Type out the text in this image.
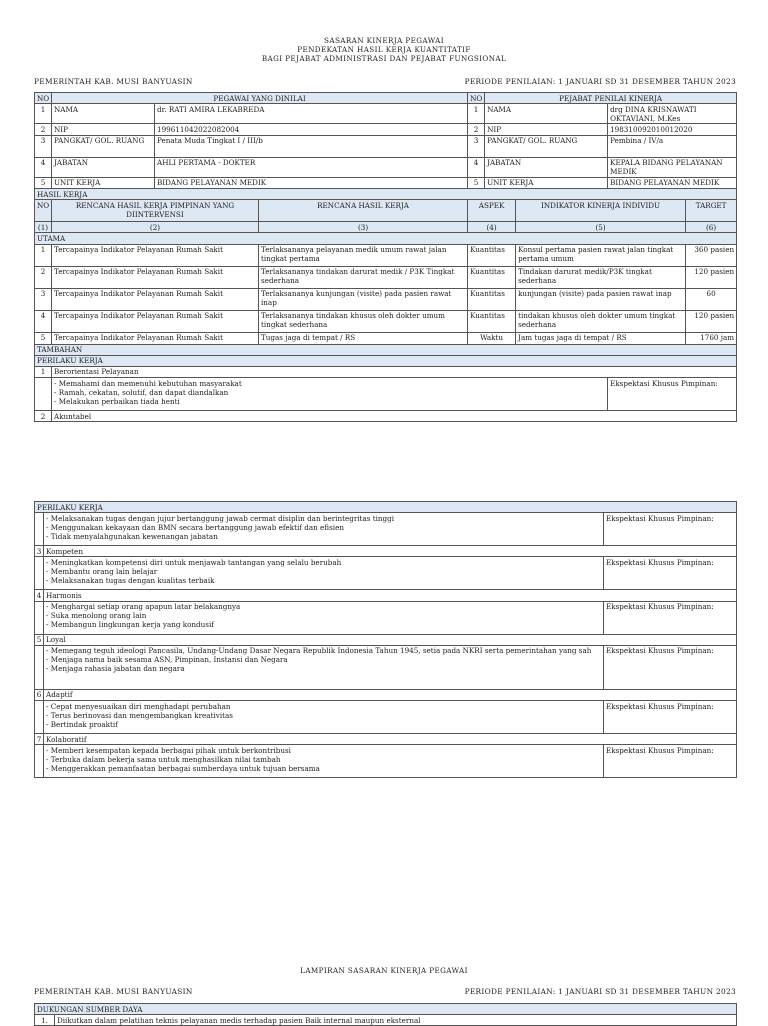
SASARAN KINERJA PEGAWAI
PENDEKATAN HASIL KERJA KUANTITATIF
BAGI PEJABAT ADMINISTRASI DAN PEJABAT FUNGSIONAL
PEMERINTAH KAB. MUSI BANYUASIN	PERIODE PENILAIAN: 1 JANUARI SD 31 DESEMBER TAHUN 2023
NO	PEGAWAI YANG DINILAI			NO	PEJABAT PENILAI KINERJA			
1	NAMA	dr. RATI AMIRA LEKABREDA		1	NAMA		drg DINA KRISNAWATI OKTAVIANI, M.Kes	
2	NIP	199611042022082004		2	NIP		198310092010012020	
3	PANGKAT/ GOL. RUANG	Penata Muda Tingkat I / III/b		3	PANGKAT/ GOL. RUANG		Pembina / IV/a	
4	JABATAN	AHLI PERTAMA - DOKTER		4	JABATAN		KEPALA BIDANG PELAYANAN MEDIK	
5	UNIT KERJA	BIDANG PELAYANAN MEDIK		5	UNIT KERJA		BIDANG PELAYANAN MEDIK	
HASIL KERJA								
NO	RENCANA HASIL KERJA PIMPINAN YANG DIINTERVENSI		RENCANA HASIL KERJA	ASPEK		INDIKATOR KINERJA INDIVIDU		TARGET
(1)	(2)		(3)	(4)		(5)		(6)
UTAMA								
1	Tercapainya Indikator Pelayanan Rumah Sakit		Terlaksananya pelayanan medik umum rawat jalan tingkat pertama	Kuantitas		Konsul pertama pasien rawat jalan tingkat pertama umum		360 pasien
2	Tercapainya Indikator Pelayanan Rumah Sakit		Terlaksananya tindakan darurat medik / P3K Tingkat sederhana	Kuantitas		Tindakan darurat medik/P3K tingkat sederhana		120 pasien
3	Tercapainya Indikator Pelayanan Rumah Sakit		Terlaksananya kunjungan (visite) pada pasien rawat inap	Kuantitas		kunjungan (visite) pada pasien rawat inap		60
4	Tercapainya Indikator Pelayanan Rumah Sakit		Terlaksananya tindakan khusus oleh dokter umum tingkat sederhana	Kuantitas		tindakan khusus oleh dokter umum tingkat sederhana		120 pasien
5	Tercapainya Indikator Pelayanan Rumah Sakit		Tugas jaga di tempat / RS	Waktu		Jam tugas jaga di tempat / RS		1760 jam
TAMBAHAN								
PERILAKU KERJA								
1	Berorientasi Pelayanan							

	- Memahami dan memenuhi kebutuhan masyarakat
- Ramah, cekatan, solutif, dan dapat diandalkan
- Melakukan perbaikan tiada henti						Ekspektasi Khusus Pimpinan:	
2	Akuntabel							
PERILAKU KERJA		

	- Melaksanakan tugas dengan jujur bertanggung jawab cermat disiplin dan berintegritas tinggi
- Menggunakan kekayaan dan BMN secara bertanggung jawab efektif dan efisien
- Tidak menyalahgunakan kewenangan jabatan	Ekspektasi Khusus Pimpinan:
3	Kompeten	

	- Meningkatkan kompetensi diri untuk menjawab tantangan yang selalu berubah
- Membantu orang lain belajar
- Melaksanakan tugas dengan kualitas terbaik	Ekspektasi Khusus Pimpinan:
4	Harmonis	

	- Menghargai setiap orang apapun latar belakangnya
- Suka menolong orang lain
- Membangun lingkungan kerja yang kondusif	Ekspektasi Khusus Pimpinan:
5	Loyal	

	- Memegang teguh ideologi Pancasila, Undang-Undang Dasar Negara Republik Indonesia Tahun 1945, setia pada NKRI serta pemerintahan yang sah
- Menjaga nama baik sesama ASN, Pimpinan, Instansi dan Negara
- Menjaga rahasia jabatan dan negara	Ekspektasi Khusus Pimpinan:
6	Adaptif	

	- Cepat menyesuaikan diri menghadapi perubahan
- Terus berinovasi dan mengembangkan kreativitas
- Bertindak proaktif	Ekspektasi Khusus Pimpinan:
7	Kolaboratif	

	- Memberi kesempatan kepada berbagai pihak untuk berkontribusi
- Terbuka dalam bekerja sama untuk menghasilkan nilai tambah
- Menggerakkan pemanfaatan berbagai sumberdaya untuk tujuan bersama	Ekspektasi Khusus Pimpinan:
LAMPIRAN SASARAN KINERJA PEGAWAI
PEMERINTAH KAB. MUSI BANYUASIN	PERIODE PENILAIAN: 1 JANUARI SD 31 DESEMBER TAHUN 2023
DUKUNGAN SUMBER DAYA
1.	Diikutkan dalam pelatihan teknis pelayanan medis terhadap pasien Baik internal maupun eksternal
